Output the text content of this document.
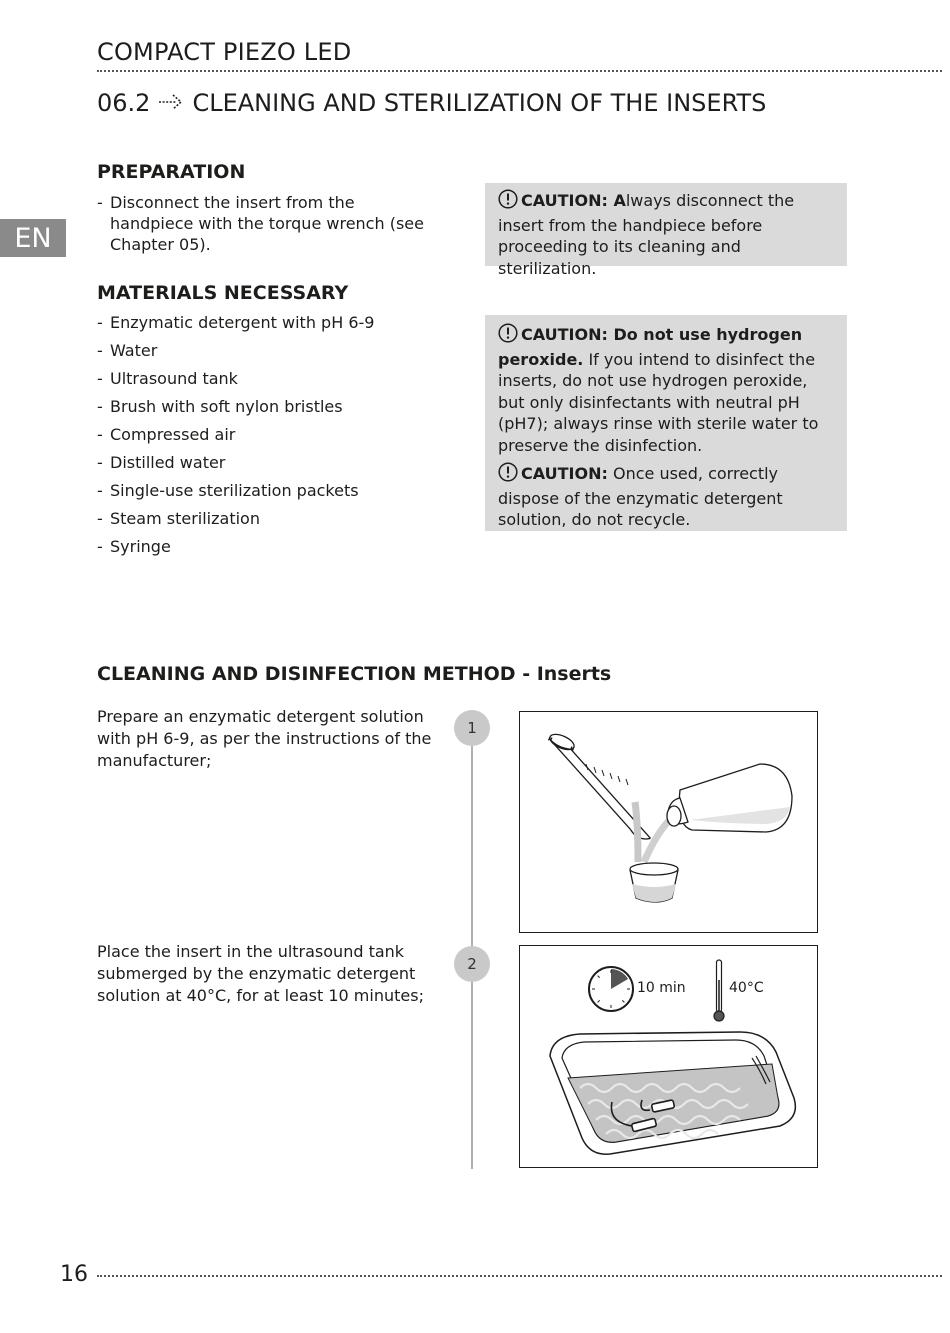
COMPACT PIEZO LED
06.2 CLEANING AND STERILIZATION OF THE INSERTS
EN
PREPARATION
- Disconnect the insert from the handpiece with the torque wrench (see Chapter 05).
CAUTION: Always disconnect the insert from the handpiece before proceeding to its cleaning and sterilization.
MATERIALS NECESSARY
- Enzymatic detergent with pH 6-9
- Water
- Ultrasound tank
- Brush with soft nylon bristles
- Compressed air
- Distilled water
- Single-use sterilization packets
- Steam sterilization
- Syringe
CAUTION: Do not use hydrogen peroxide. If you intend to disinfect the inserts, do not use hydrogen peroxide, but only disinfectants with neutral pH (pH7); always rinse with sterile water to preserve the disinfection.
CAUTION: Once used, correctly dispose of the enzymatic detergent solution, do not recycle.
CLEANING AND DISINFECTION METHOD - Inserts
Prepare an enzymatic detergent solution with pH 6-9, as per the instructions of the manufacturer;
1
Place the insert in the ultrasound tank submerged by the enzymatic detergent solution at 40°C, for at least 10 minutes;
2
10 min	40°C
16
